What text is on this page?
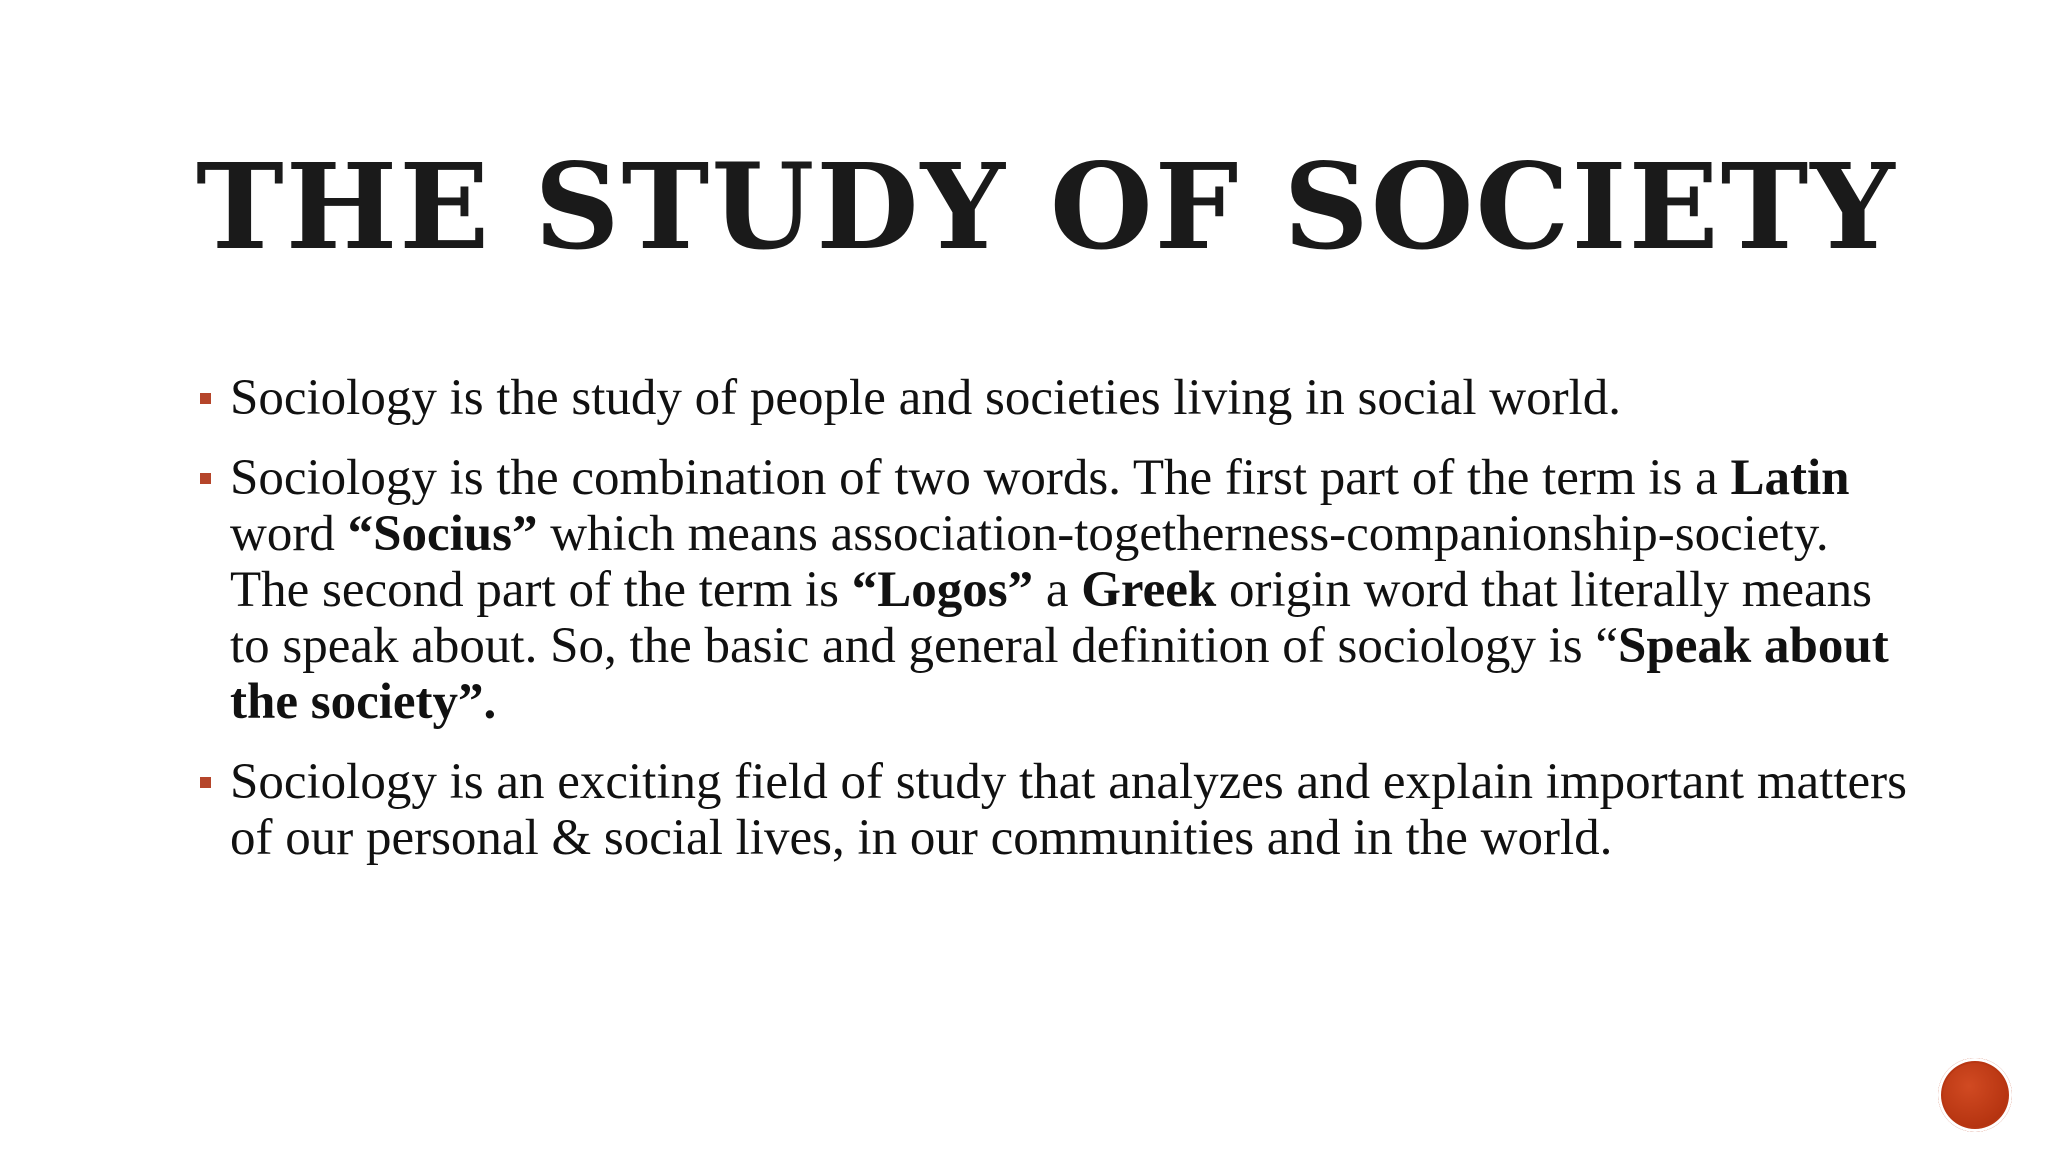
THE STUDY OF SOCIETY
Sociology is the study of people and societies living in social world.
Sociology is the combination of two words. The first part of the term is a Latin word “Socius” which means association-togetherness-companionship-society. The second part of the term is “Logos” a Greek origin word that literally means to speak about. So, the basic and general definition of sociology is “Speak about the society”.
Sociology is an exciting field of study that analyzes and explain important matters of our personal & social lives, in our communities and in the world.
